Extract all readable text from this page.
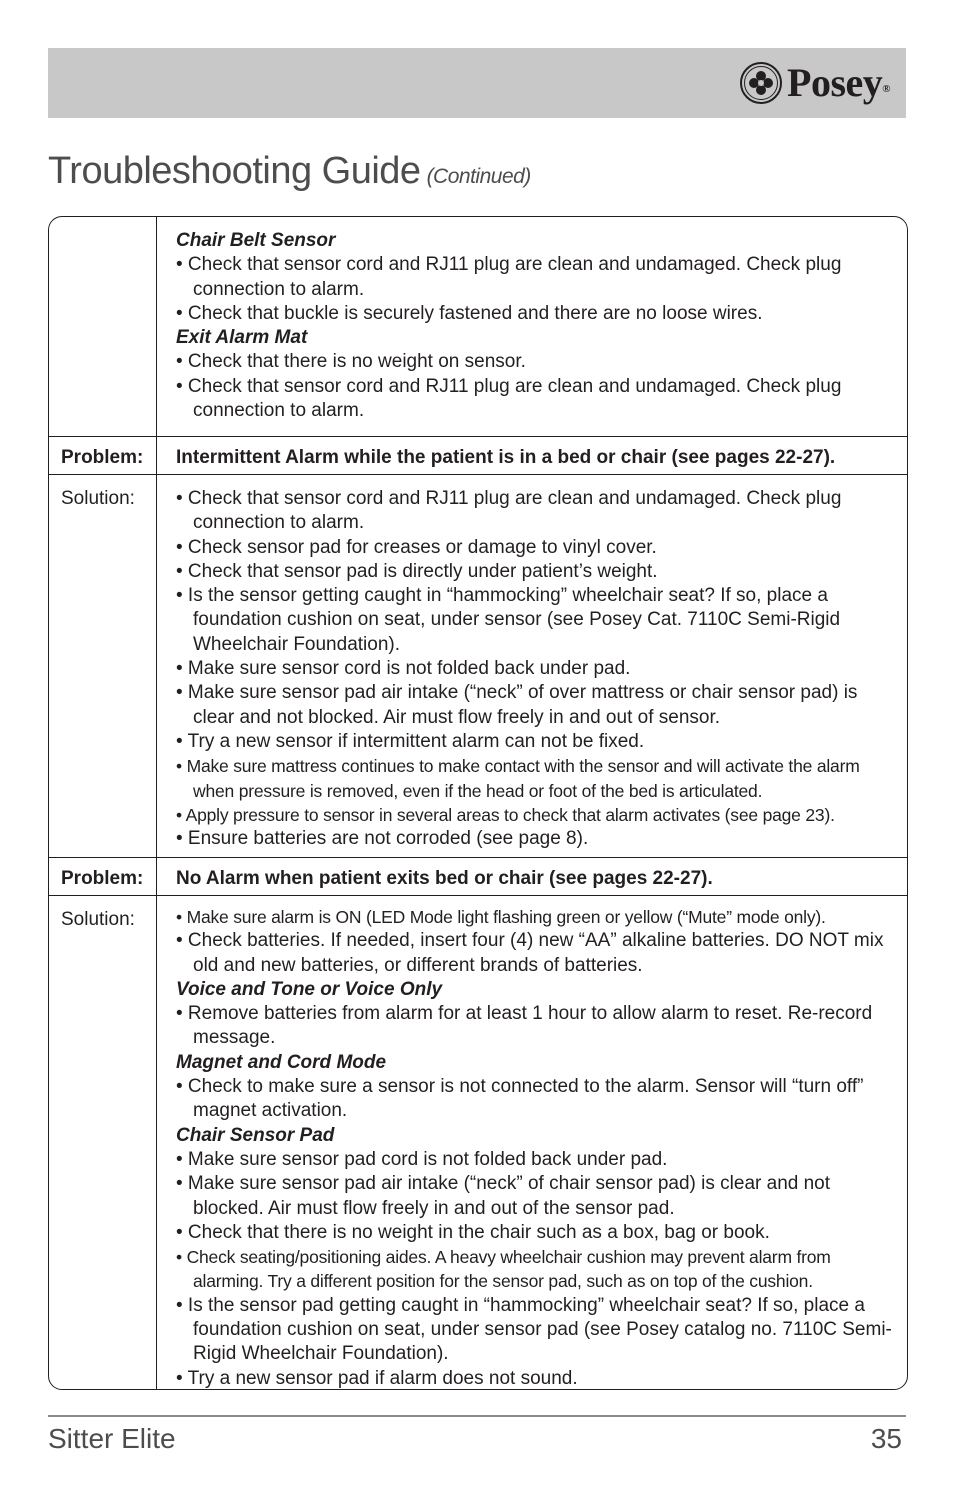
Posey®
Troubleshooting Guide (Continued)
Chair Belt Sensor
• Check that sensor cord and RJ11 plug are clean and undamaged. Check plug connection to alarm.
• Check that buckle is securely fastened and there are no loose wires.
Exit Alarm Mat
• Check that there is no weight on sensor.
• Check that sensor cord and RJ11 plug are clean and undamaged. Check plug connection to alarm.
Problem:	Intermittent Alarm while the patient is in a bed or chair (see pages 22-27).
Solution:	• Check that sensor cord and RJ11 plug are clean and undamaged. Check plug connection to alarm.
• Check sensor pad for creases or damage to vinyl cover.
• Check that sensor pad is directly under patient’s weight.
• Is the sensor getting caught in “hammocking” wheelchair seat? If so, place a foundation cushion on seat, under sensor (see Posey Cat. 7110C Semi-Rigid Wheelchair Foundation).
• Make sure sensor cord is not folded back under pad.
• Make sure sensor pad air intake (“neck” of over mattress or chair sensor pad) is clear and not blocked. Air must flow freely in and out of sensor.
• Try a new sensor if intermittent alarm can not be fixed.
• Make sure mattress continues to make contact with the sensor and will activate the alarm when pressure is removed, even if the head or foot of the bed is articulated.
• Apply pressure to sensor in several areas to check that alarm activates (see page 23).
• Ensure batteries are not corroded (see page 8).
Problem:	No Alarm when patient exits bed or chair (see pages 22-27).
Solution:	• Make sure alarm is ON (LED Mode light flashing green or yellow (“Mute” mode only).
• Check batteries. If needed, insert four (4) new “AA” alkaline batteries. DO NOT mix old and new batteries, or different brands of batteries.
Voice and Tone or Voice Only
• Remove batteries from alarm for at least 1 hour to allow alarm to reset. Re-record message.
Magnet and Cord Mode
• Check to make sure a sensor is not connected to the alarm. Sensor will “turn off” magnet activation.
Chair Sensor Pad
• Make sure sensor pad cord is not folded back under pad.
• Make sure sensor pad air intake (“neck” of chair sensor pad) is clear and not blocked. Air must flow freely in and out of the sensor pad.
• Check that there is no weight in the chair such as a box, bag or book.
• Check seating/positioning aides. A heavy wheelchair cushion may prevent alarm from alarming. Try a different position for the sensor pad, such as on top of the cushion.
• Is the sensor pad getting caught in “hammocking” wheelchair seat? If so, place a foundation cushion on seat, under sensor pad (see Posey catalog no. 7110C Semi-Rigid Wheelchair Foundation).
• Try a new sensor pad if alarm does not sound.
Sitter Elite	35
